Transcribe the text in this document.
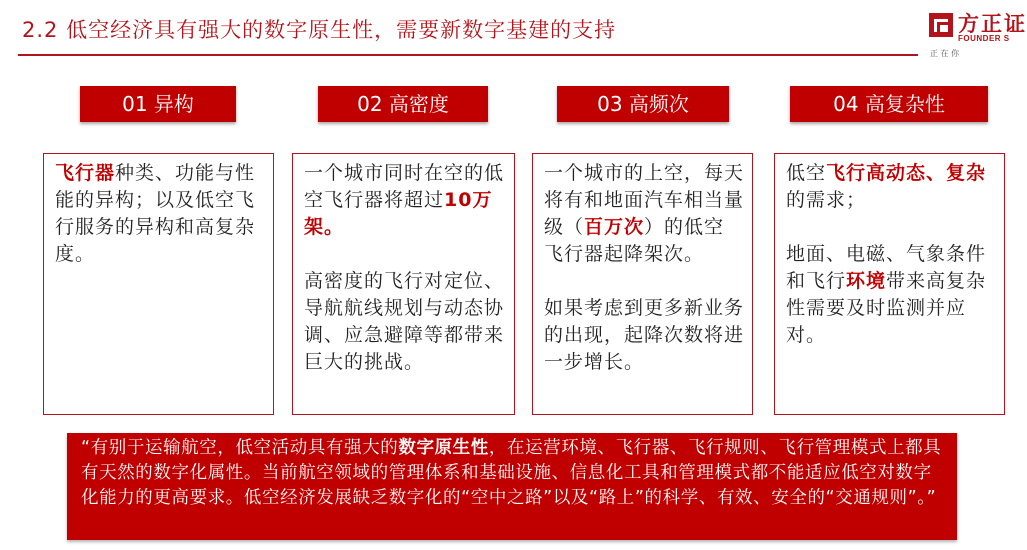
2.2 低空经济具有强大的数字原生性，需要新数字基建的支持	方正证
FOUNDER S
正 在 你
01 异构	02 高密度	03 高频次	04 高复杂性

飞行器种类、功能与性能的异构；以及低空飞行服务的异构和高复杂度。

一个城市同时在空的低空飞行器将超过10万架。

高密度的飞行对定位、导航航线规划与动态协调、应急避障等都带来巨大的挑战。

一个城市的上空，每天将有和地面汽车相当量级（百万次）的低空飞行器起降架次。

如果考虑到更多新业务的出现，起降次数将进一步增长。

低空飞行高动态、复杂的需求；

地面、电磁、气象条件和飞行环境带来高复杂性需要及时监测并应对。

“有别于运输航空，低空活动具有强大的数字原生性，在运营环境、飞行器、飞行规则、飞行管理模式上都具有天然的数字化属性。当前航空领域的管理体系和基础设施、信息化工具和管理模式都不能适应低空对数字化能力的更高要求。低空经济发展缺乏数字化的“空中之路”以及“路上”的科学、有效、安全的“交通规则”。”
